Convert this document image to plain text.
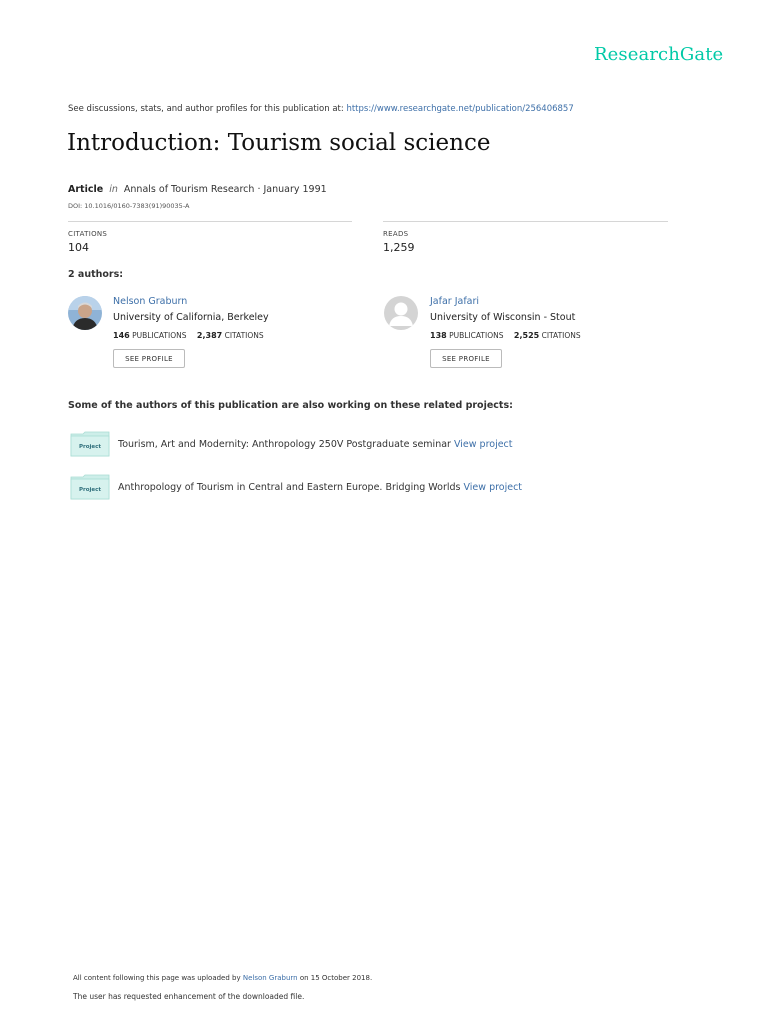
ResearchGate
See discussions, stats, and author profiles for this publication at: https://www.researchgate.net/publication/256406857
Introduction: Tourism social science
Article in Annals of Tourism Research · January 1991
DOI: 10.1016/0160-7383(91)90035-A
CITATIONS
104
READS
1,259
2 authors:
Nelson Graburn
University of California, Berkeley
146 PUBLICATIONS 2,387 CITATIONS
SEE PROFILE
Jafar Jafari
University of Wisconsin - Stout
138 PUBLICATIONS 2,525 CITATIONS
SEE PROFILE
Some of the authors of this publication are also working on these related projects:
Project Tourism, Art and Modernity: Anthropology 250V Postgraduate seminar View project
Project Anthropology of Tourism in Central and Eastern Europe. Bridging Worlds View project
All content following this page was uploaded by Nelson Graburn on 15 October 2018.
The user has requested enhancement of the downloaded file.
